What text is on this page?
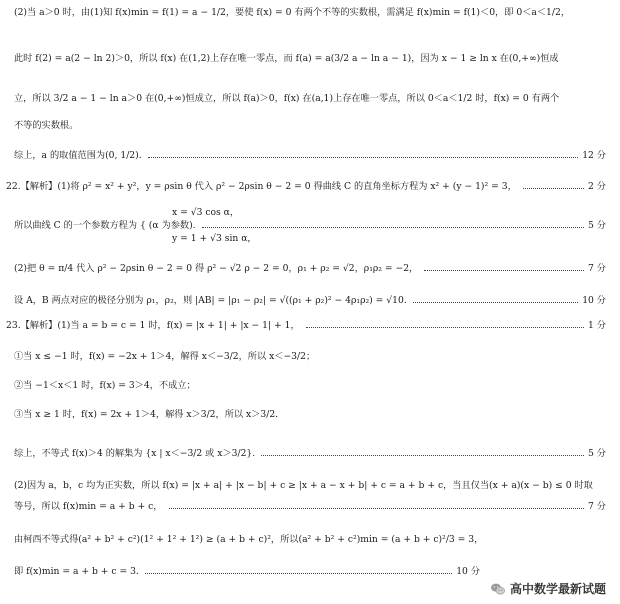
(2)当 a＞0 时，由(1)知 f(x)min = f(1) = a − 1/2，要使 f(x) = 0 有两个不等的实数根，需满足 f(x)min = f(1)＜0，即 0＜a＜1/2，
此时 f(2) = a(2 − ln 2)＞0，所以 f(x) 在(1,2)上存在唯一零点，而 f(a) = a(3/2 a − ln a − 1)，因为 x − 1 ≥ ln x 在(0,+∞)恒成
立，所以 3/2 a − 1 − ln a＞0 在(0,+∞)恒成立，所以 f(a)＞0，f(x) 在(a,1)上存在唯一零点，所以 0＜a＜1/2 时，f(x) = 0 有两个
不等的实数根。
综上，a 的取值范围为(0, 1/2).	12 分
22.【解析】(1)将 ρ² = x² + y²，y = ρsin θ 代入 ρ² − 2ρsin θ − 2 = 0 得曲线 C 的直角坐标方程为 x² + (y − 1)² = 3，	2 分
x = √3 cos α，
所以曲线 C 的一个参数方程为 { (α 为参数).	5 分
y = 1 + √3 sin α，
(2)把 θ = π/4 代入 ρ² − 2ρsin θ − 2 = 0 得 ρ² − √2 ρ − 2 = 0，ρ₁ + ρ₂ = √2，ρ₁ρ₂ = −2，	7 分
设 A，B 两点对应的极径分别为 ρ₁，ρ₂，则 |AB| = |ρ₁ − ρ₂| = √((ρ₁ + ρ₂)² − 4ρ₁ρ₂) = √10.	10 分
23.【解析】(1)当 a = b = c = 1 时，f(x) = |x + 1| + |x − 1| + 1，	1 分
①当 x ≤ −1 时，f(x) = −2x + 1＞4，解得 x＜−3/2，所以 x＜−3/2；
②当 −1＜x＜1 时，f(x) = 3＞4，不成立；
③当 x ≥ 1 时，f(x) = 2x + 1＞4，解得 x＞3/2，所以 x＞3/2.
综上，不等式 f(x)＞4 的解集为 {x | x＜−3/2 或 x＞3/2}.	5 分
(2)因为 a，b，c 均为正实数，所以 f(x) = |x + a| + |x − b| + c ≥ |x + a − x + b| + c = a + b + c，当且仅当(x + a)(x − b) ≤ 0 时取
等号，所以 f(x)min = a + b + c，	7 分
由柯西不等式得(a² + b² + c²)(1² + 1² + 1²) ≥ (a + b + c)²，所以(a² + b² + c²)min = (a + b + c)²/3 = 3，
即 f(x)min = a + b + c = 3.	10 分
高中数学最新试题
